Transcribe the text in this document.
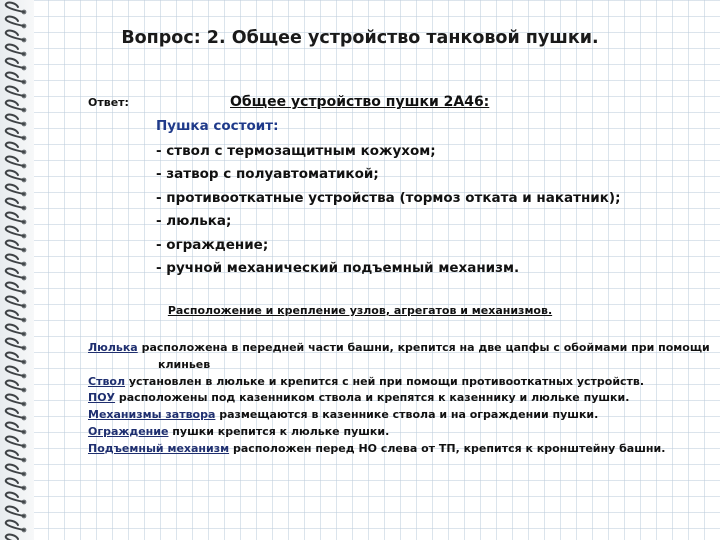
Вопрос: 2. Общее устройство танковой пушки.
Ответ:	Общее устройство пушки 2А46:
Пушка состоит:
- ствол с термозащитным кожухом;
- затвор с полуавтоматикой;
- противооткатные устройства (тормоз отката и накатник);
- люлька;
- ограждение;
- ручной механический подъемный механизм.
Расположение и крепление узлов, агрегатов и механизмов.
Люлька расположена в передней части башни, крепится на две цапфы с обоймами при помощи клиньев
Ствол установлен в люльке и крепится с ней при помощи противооткатных устройств.
ПОУ расположены под казенником ствола и крепятся к казеннику и люльке пушки.
Механизмы затвора размещаются в казеннике ствола и на ограждении пушки.
Ограждение пушки крепится к люльке пушки.
Подъемный механизм расположен перед НО слева от ТП, крепится к кронштейну башни.
